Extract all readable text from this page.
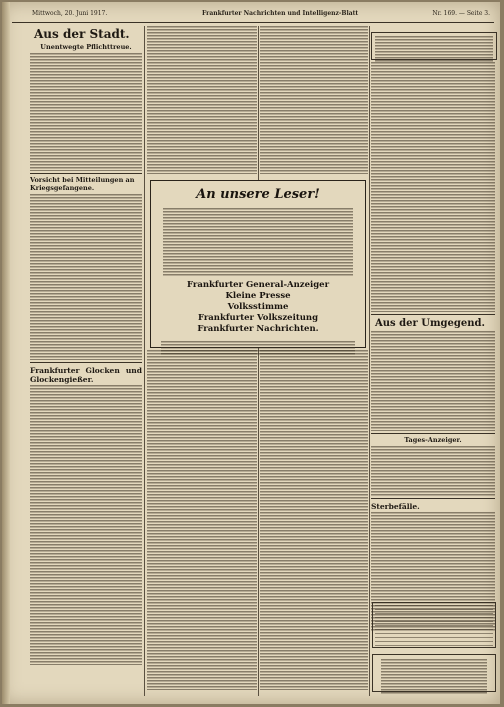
Mittwoch, 20. Juni 1917.	Frankfurter Nachrichten und Intelligenz-Blatt	Nr. 169. — Seite 3.
Aus der Stadt.
Unentwegte Pflichttreue.
Vorsicht bei Mitteilungen an Kriegsgefangene.
Frankfurter Glocken und Glockengießer.
An unsere Leser!
Frankfurter General-Anzeiger
Kleine Presse
Volksstimme
Frankfurter Volkszeitung
Frankfurter Nachrichten.	Aus der Umgegend.
Tages-Anzeiger.
Sterbefälle.
